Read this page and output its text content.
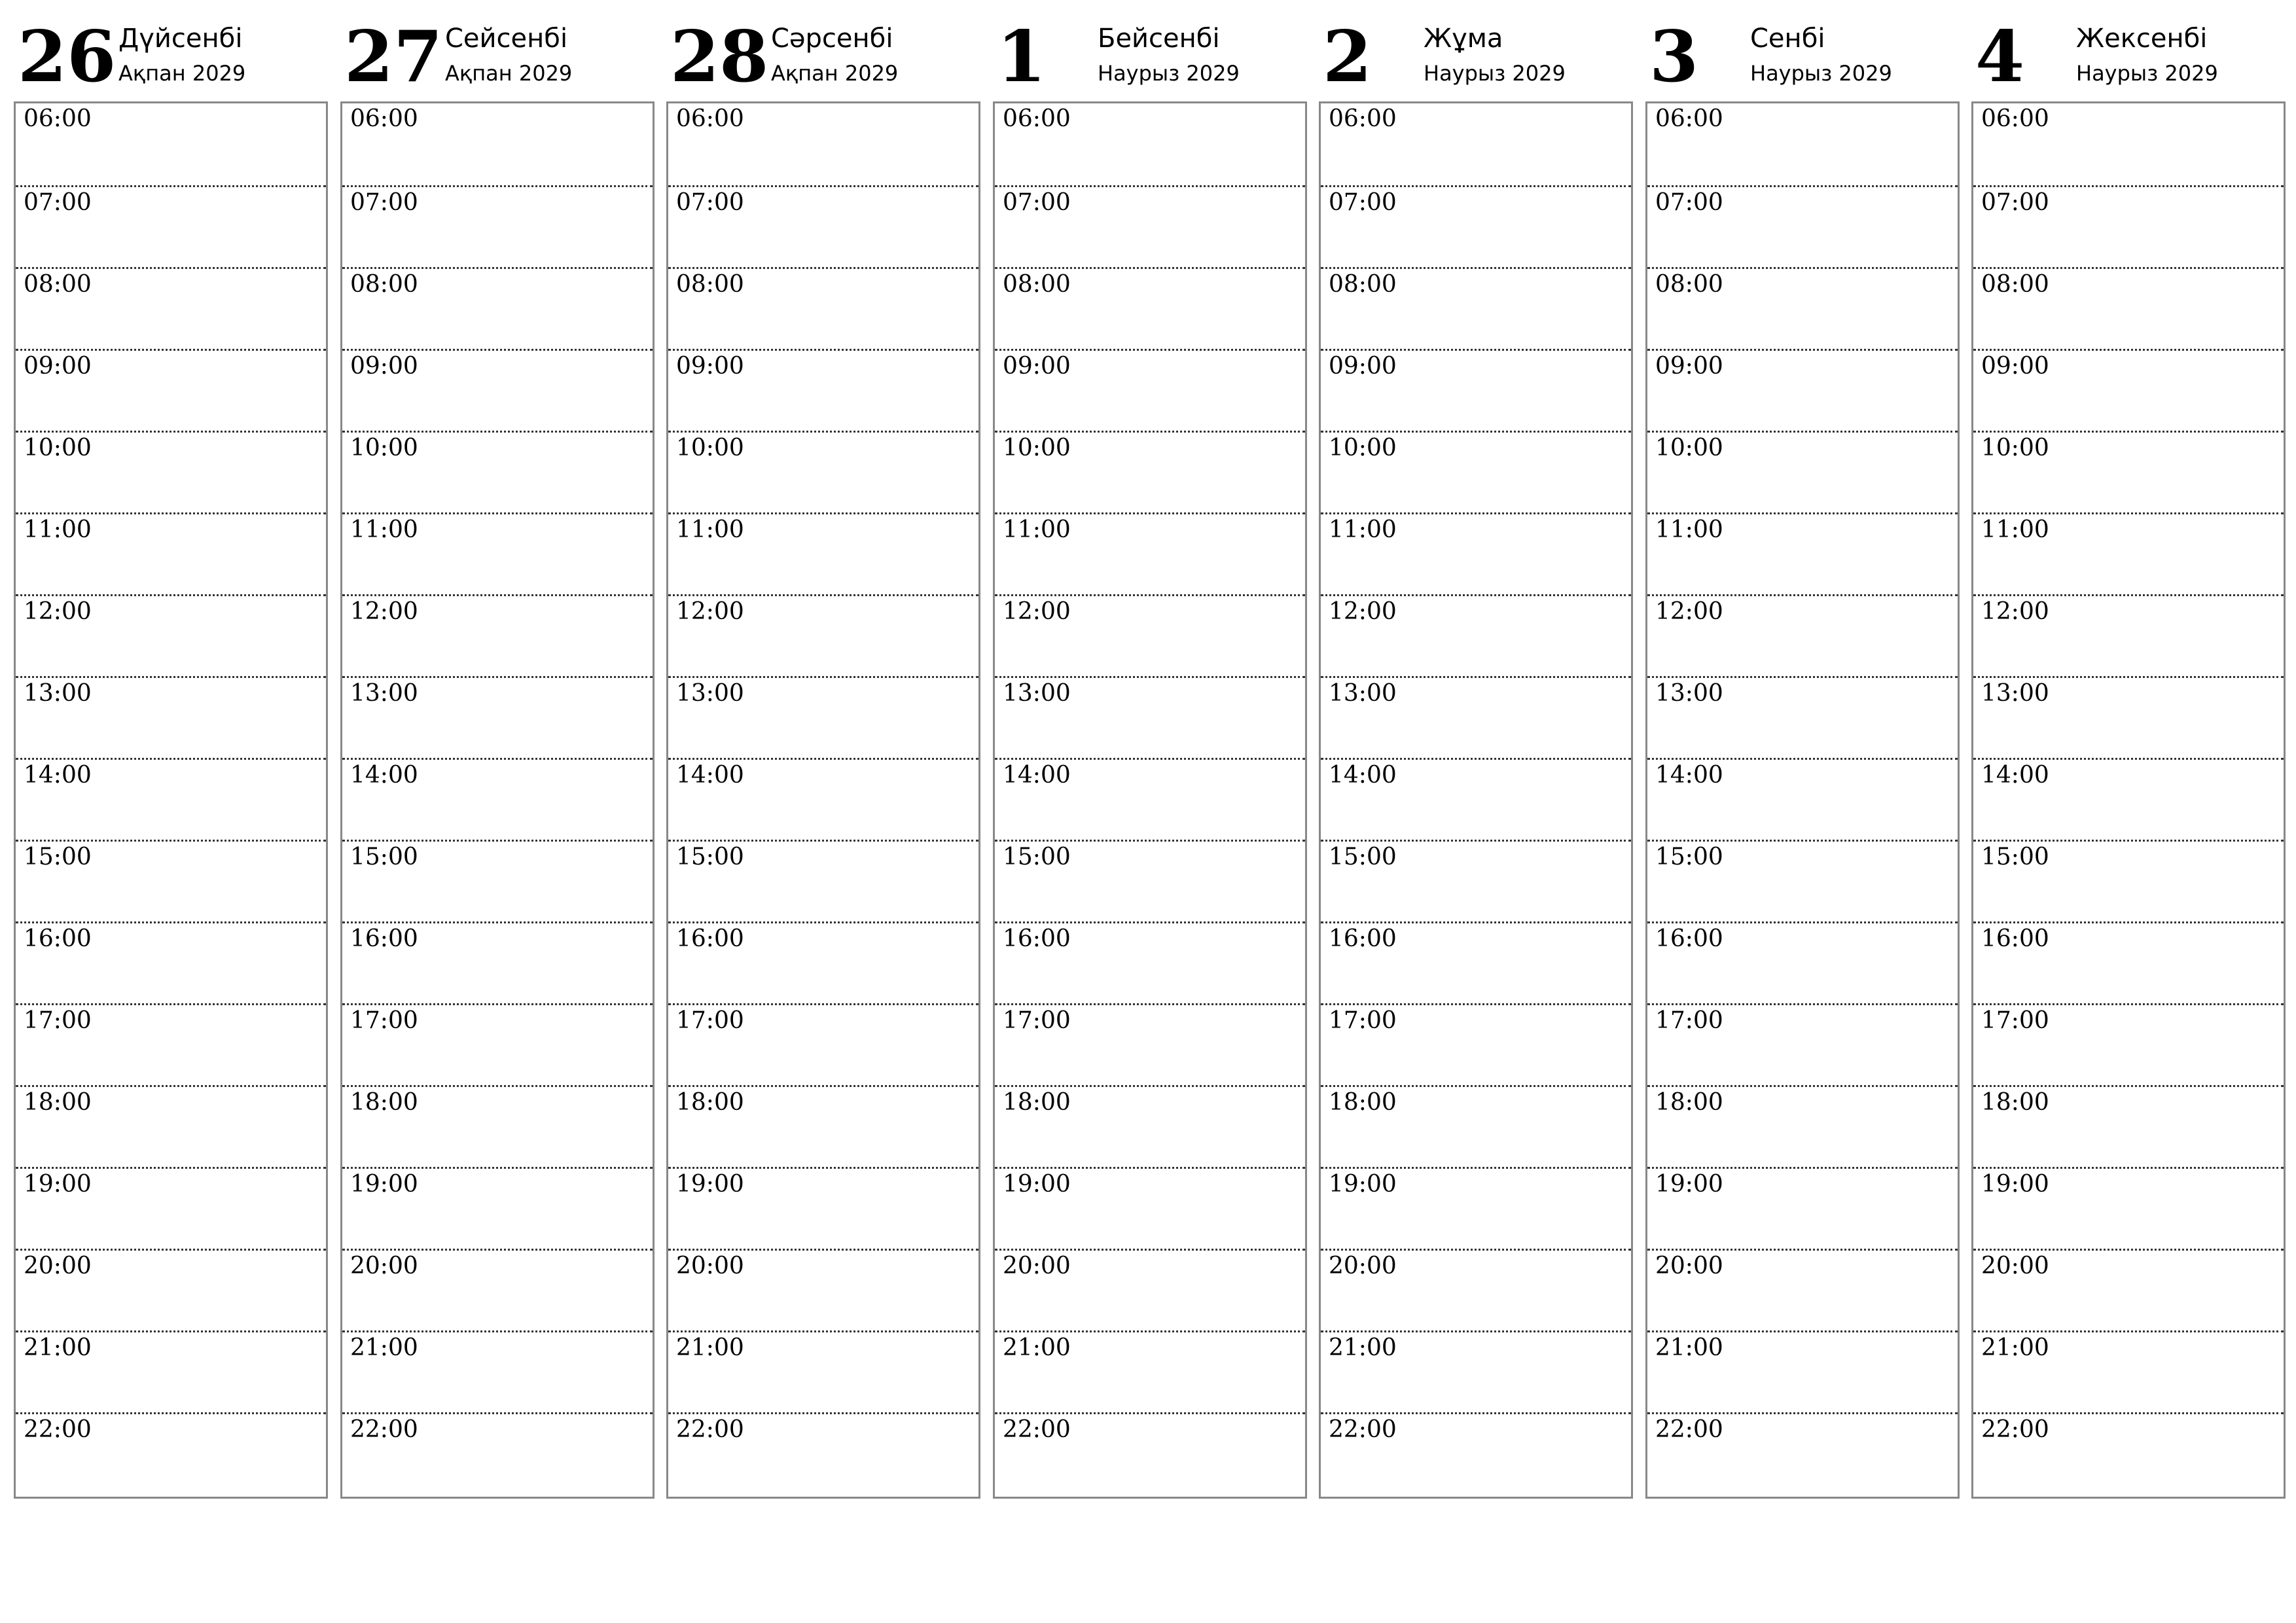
26 Дүйсенбі
Ақпан 2029
06:00
07:00
08:00
09:00
10:00
11:00
12:00
13:00
14:00
15:00
16:00
17:00
18:00
19:00
20:00
21:00
22:00
27 Сейсенбі
Ақпан 2029
06:00
07:00
08:00
09:00
10:00
11:00
12:00
13:00
14:00
15:00
16:00
17:00
18:00
19:00
20:00
21:00
22:00
28 Сәрсенбі
Ақпан 2029
06:00
07:00
08:00
09:00
10:00
11:00
12:00
13:00
14:00
15:00
16:00
17:00
18:00
19:00
20:00
21:00
22:00
1 Бейсенбі
Наурыз 2029
06:00
07:00
08:00
09:00
10:00
11:00
12:00
13:00
14:00
15:00
16:00
17:00
18:00
19:00
20:00
21:00
22:00
2 Жұма
Наурыз 2029
06:00
07:00
08:00
09:00
10:00
11:00
12:00
13:00
14:00
15:00
16:00
17:00
18:00
19:00
20:00
21:00
22:00
3 Сенбі
Наурыз 2029
06:00
07:00
08:00
09:00
10:00
11:00
12:00
13:00
14:00
15:00
16:00
17:00
18:00
19:00
20:00
21:00
22:00
4 Жексенбі
Наурыз 2029
06:00
07:00
08:00
09:00
10:00
11:00
12:00
13:00
14:00
15:00
16:00
17:00
18:00
19:00
20:00
21:00
22:00
